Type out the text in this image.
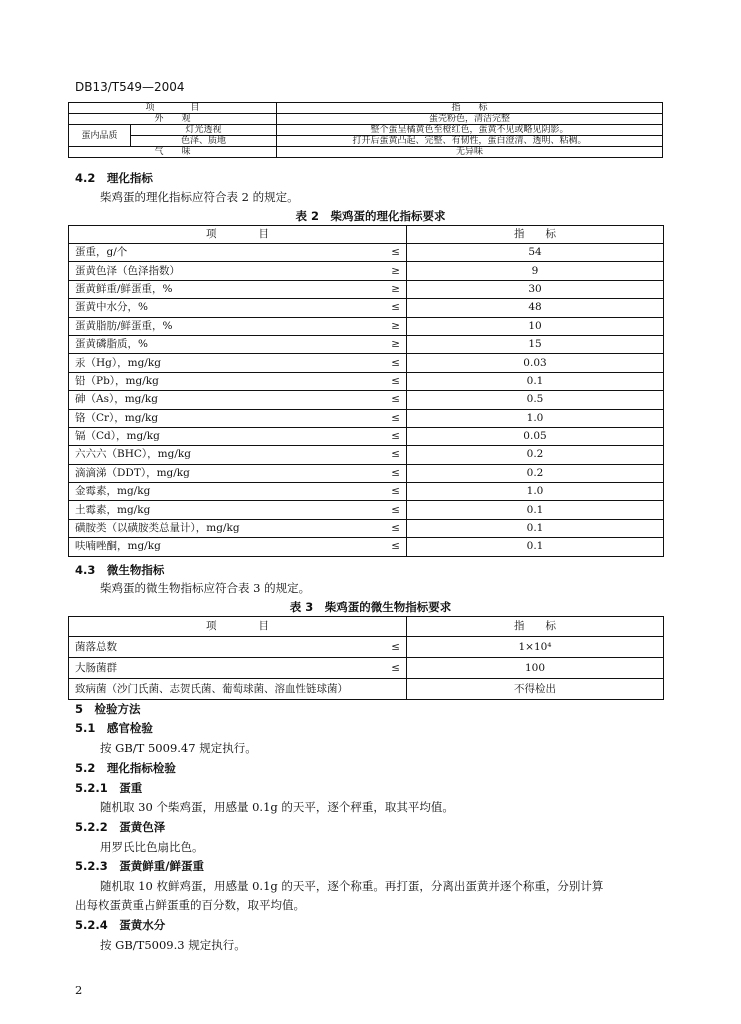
DB13/T549—2004
项　　　　目		指　　标
外　　观		蛋壳粉色，清洁完整
蛋内品质	灯光透视	整个蛋呈橘黄色至橙红色，蛋黄不见或略见阴影。
	色泽、质地	打开后蛋黄凸起、完整、有韧性，蛋白澄清、透明、粘稠。
气　　味		无异味
4.2　 理化指标
柴鸡蛋的理化指标应符合表 2 的规定。
表 2　柴鸡蛋的理化指标要求
项　　　　目		指　　标
蛋重，g/个	≤	54
蛋黄色泽（色泽指数）	≥	9
蛋黄鲜重/鲜蛋重，%	≥	30
蛋黄中水分，%	≤	48
蛋黄脂肪/鲜蛋重，%	≥	10
蛋黄磷脂质，%	≥	15
汞（Hg），mg/kg	≤	0.03
铅（Pb），mg/kg	≤	0.1
砷（As），mg/kg	≤	0.5
铬（Cr），mg/kg	≤	1.0
镉（Cd），mg/kg	≤	0.05
六六六（BHC），mg/kg	≤	0.2
滴滴涕（DDT），mg/kg	≤	0.2
金霉素，mg/kg	≤	1.0
土霉素，mg/kg	≤	0.1
磺胺类（以磺胺类总量计），mg/kg	≤	0.1
呋喃唑酮，mg/kg	≤	0.1
4.3　 微生物指标
柴鸡蛋的微生物指标应符合表 3 的规定。
表 3　柴鸡蛋的微生物指标要求
项　　　　目		指　　标
菌落总数	≤	1×10⁴
大肠菌群	≤	100
致病菌（沙门氏菌、志贺氏菌、葡萄球菌、溶血性链球菌）		不得检出
5　 检验方法
5.1　 感官检验
按 GB/T 5009.47 规定执行。
5.2　 理化指标检验
5.2.1　 蛋重
随机取 30 个柴鸡蛋，用感量 0.1g 的天平，逐个秤重，取其平均值。
5.2.2　 蛋黄色泽
用罗氏比色扇比色。
5.2.3　 蛋黄鲜重/鲜蛋重
随机取 10 枚鲜鸡蛋，用感量 0.1g 的天平，逐个称重。再打蛋，分离出蛋黄并逐个称重，分别计算
出每枚蛋黄重占鲜蛋重的百分数，取平均值。
5.2.4　 蛋黄水分
按 GB/T5009.3 规定执行。
2
